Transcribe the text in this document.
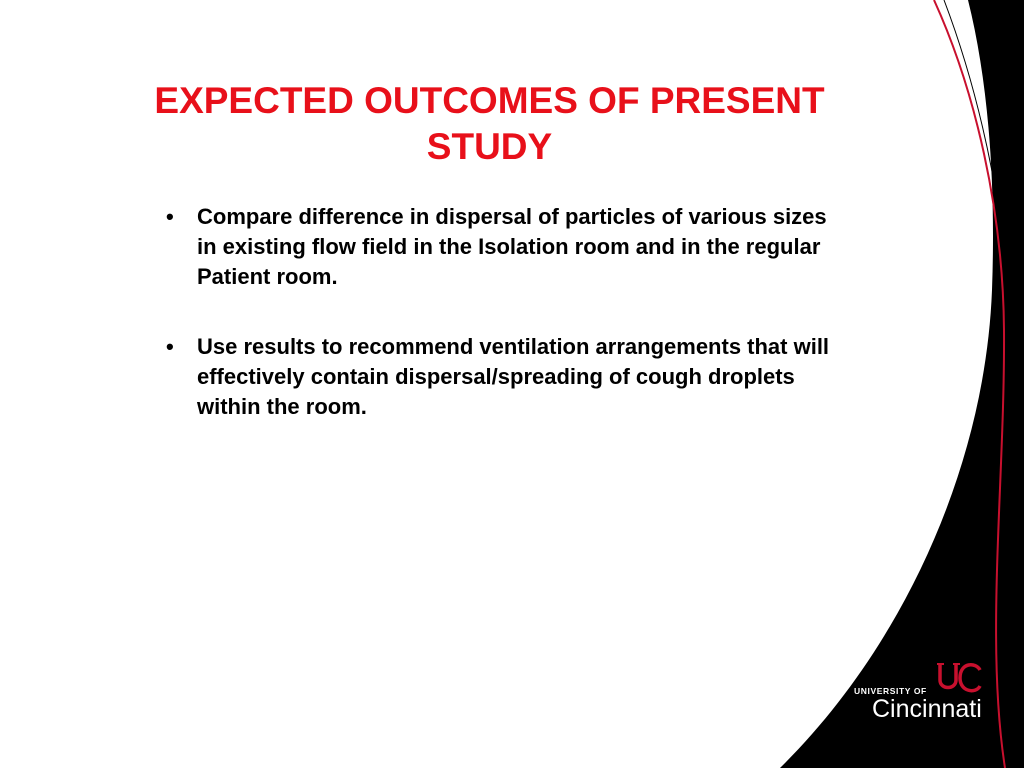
EXPECTED OUTCOMES OF PRESENT STUDY
• Compare difference in dispersal of particles of various sizes in existing flow field in the Isolation room and in the regular Patient room.
• Use results to recommend ventilation arrangements that will effectively contain dispersal/spreading of cough droplets within the room.
UNIVERSITY OF
Cincinnati
